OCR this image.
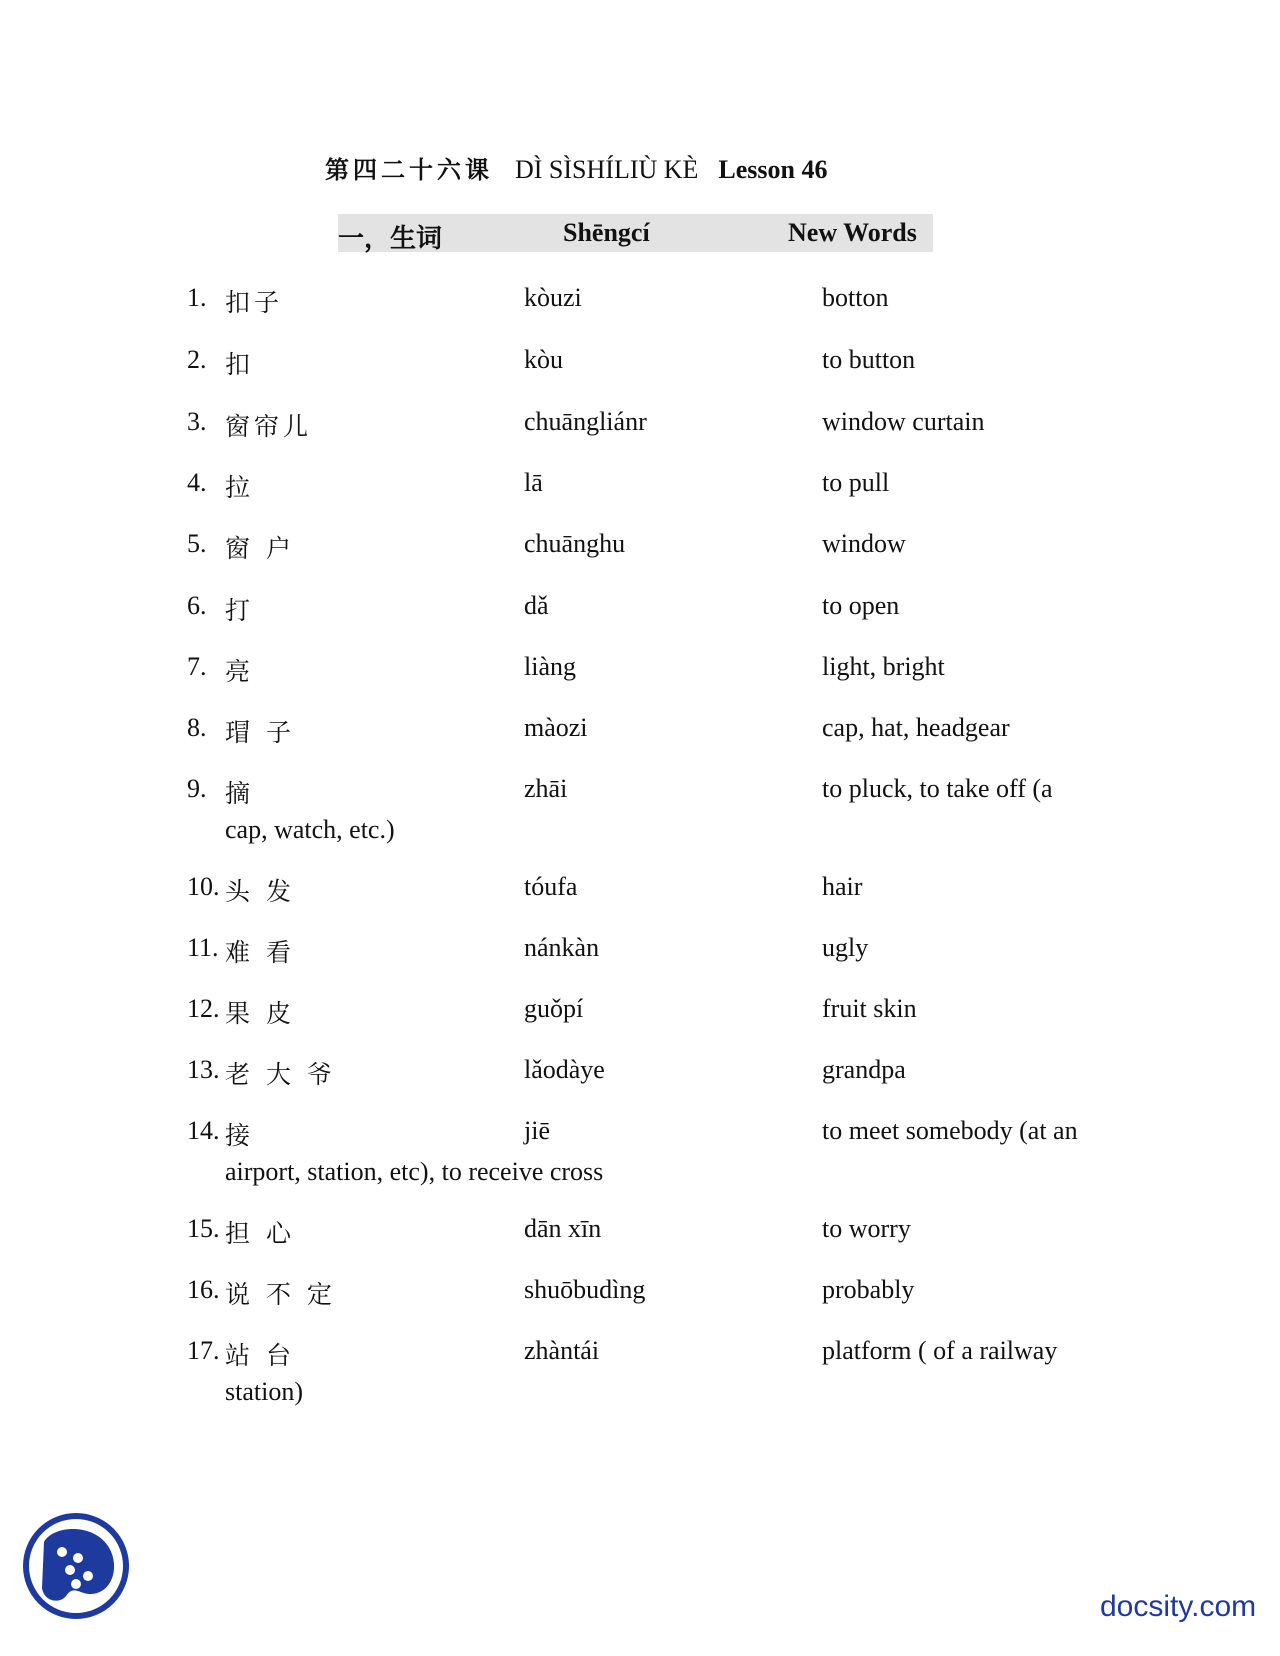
第四二十六课 DÌ SÌSHÍLIÙ KÈ Lesson 46
一，生词	Shēngcí	New Words
1. 扣子	kòuzi	botton
2. 扣	kòu	to button
3. 窗帘儿	chuāngliánr	window curtain
4. 拉	lā	to pull
5. 窗 户	chuānghu	window
6. 打	dǎ	to open
7. 亮	liàng	light, bright
8. 瑁 子	màozi	cap, hat, headgear
9. 摘	zhāi	to pluck, to take off (a
cap, watch, etc.)
10. 头 发	tóufa	hair
11. 难 看	nánkàn	ugly
12. 果 皮	guǒpí	fruit skin
13. 老 大 爷	lǎodàye	grandpa
14. 接	jiē	to meet somebody (at an
airport, station, etc), to receive cross
15. 担 心	dān xīn	to worry
16. 说 不 定	shuōbudìng	probably
17. 站 台	zhàntái	platform ( of a railway
station)
docsity.com
